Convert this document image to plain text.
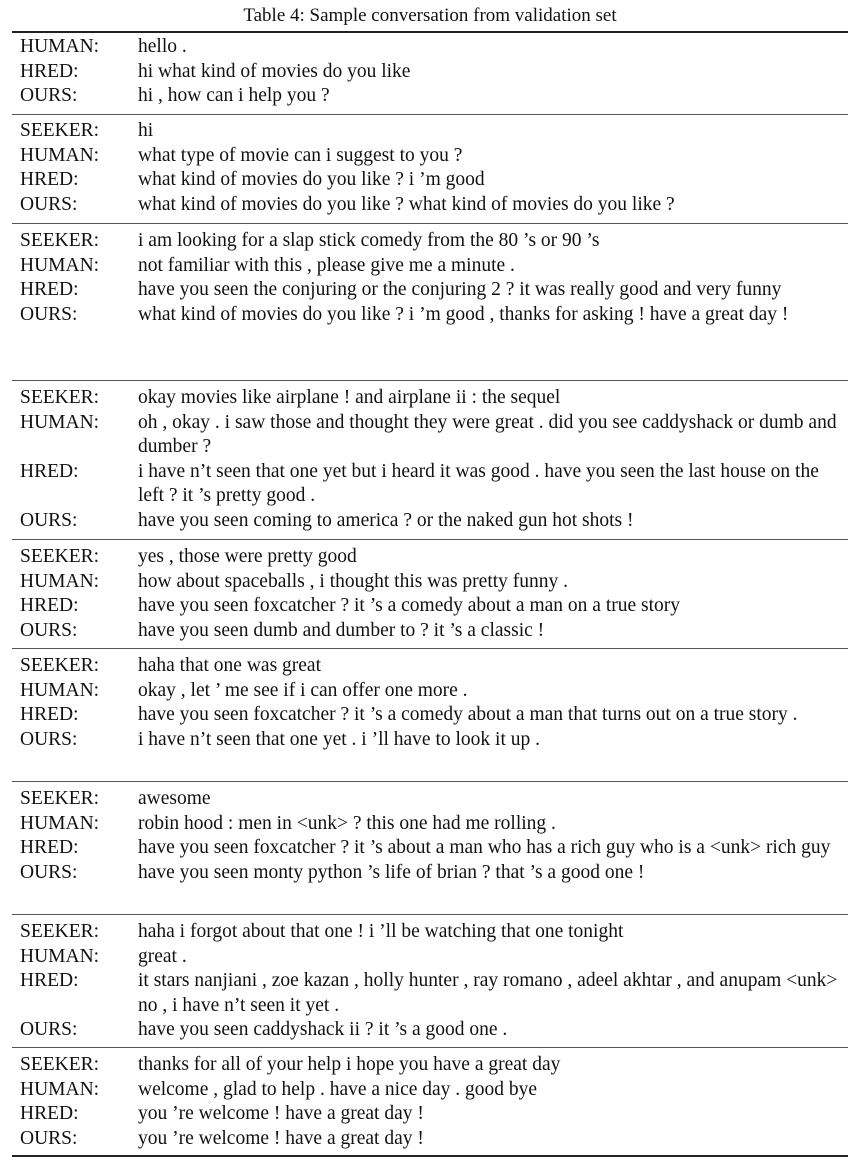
Table 4: Sample conversation from validation set
HUMAN:	hello .
HRED:	hi what kind of movies do you like
OURS:	hi , how can i help you ?
SEEKER:	hi
HUMAN:	what type of movie can i suggest to you ?
HRED:	what kind of movies do you like ? i ’m good
OURS:	what kind of movies do you like ? what kind of movies do you like ?
SEEKER:	i am looking for a slap stick comedy from the 80 ’s or 90 ’s
HUMAN:	not familiar with this , please give me a minute .
HRED:	have you seen the conjuring or the conjuring 2 ? it was really good and very funny
OURS:	what kind of movies do you like ? i ’m good , thanks for asking ! have a great day !
SEEKER:	okay movies like airplane ! and airplane ii : the sequel
HUMAN:	oh , okay . i saw those and thought they were great . did you see caddyshack or dumb and dumber ?
HRED:	i have n’t seen that one yet but i heard it was good . have you seen the last house on the left ? it ’s pretty good .
OURS:	have you seen coming to america ? or the naked gun hot shots !
SEEKER:	yes , those were pretty good
HUMAN:	how about spaceballs , i thought this was pretty funny .
HRED:	have you seen foxcatcher ? it ’s a comedy about a man on a true story
OURS:	have you seen dumb and dumber to ? it ’s a classic !
SEEKER:	haha that one was great
HUMAN:	okay , let ’ me see if i can offer one more .
HRED:	have you seen foxcatcher ? it ’s a comedy about a man that turns out on a true story .
OURS:	i have n’t seen that one yet . i ’ll have to look it up .
SEEKER:	awesome
HUMAN:	robin hood : men in <unk> ? this one had me rolling .
HRED:	have you seen foxcatcher ? it ’s about a man who has a rich guy who is a <unk> rich guy
OURS:	have you seen monty python ’s life of brian ? that ’s a good one !
SEEKER:	haha i forgot about that one ! i ’ll be watching that one tonight
HUMAN:	great .
HRED:	it stars nanjiani , zoe kazan , holly hunter , ray romano , adeel akhtar , and anupam <unk> no , i have n’t seen it yet .
OURS:	have you seen caddyshack ii ? it ’s a good one .
SEEKER:	thanks for all of your help i hope you have a great day
HUMAN:	welcome , glad to help . have a nice day . good bye
HRED:	you ’re welcome ! have a great day !
OURS:	you ’re welcome ! have a great day !
